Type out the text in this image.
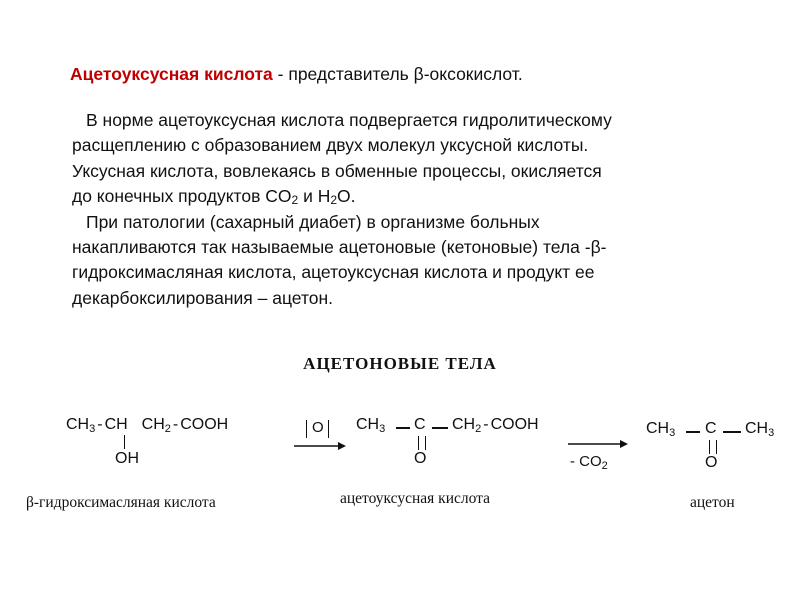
Ацетоуксусная кислота - представитель β-оксокислот.

В норме ацетоуксусная кислота подвергается гидролитическому

расщеплению с образованием двух молекул уксусной кислоты.

Уксусная кислота, вовлекаясь в обменные процессы, окисляется

до конечных продуктов $CO_2$ и $H_2O$.

При патологии (сахарный диабет) в организме больных

накапливаются так называемые ацетоновые (кетоновые) тела -β-

гидроксимасляная кислота, ацетоуксусная кислота и продукт ее

декарбоксилирования – ацетон.

АЦЕТОНОВЫЕ ТЕЛА
$CH_3$ - CH $CH_2$ - COOH
OH
O $CH_3$ C $CH_2$ - COOH
O	- $CO_2$
$CH_3$ C $CH_3$
O
β-гидроксимасляная кислота	ацетоуксусная кислота	ацетон
